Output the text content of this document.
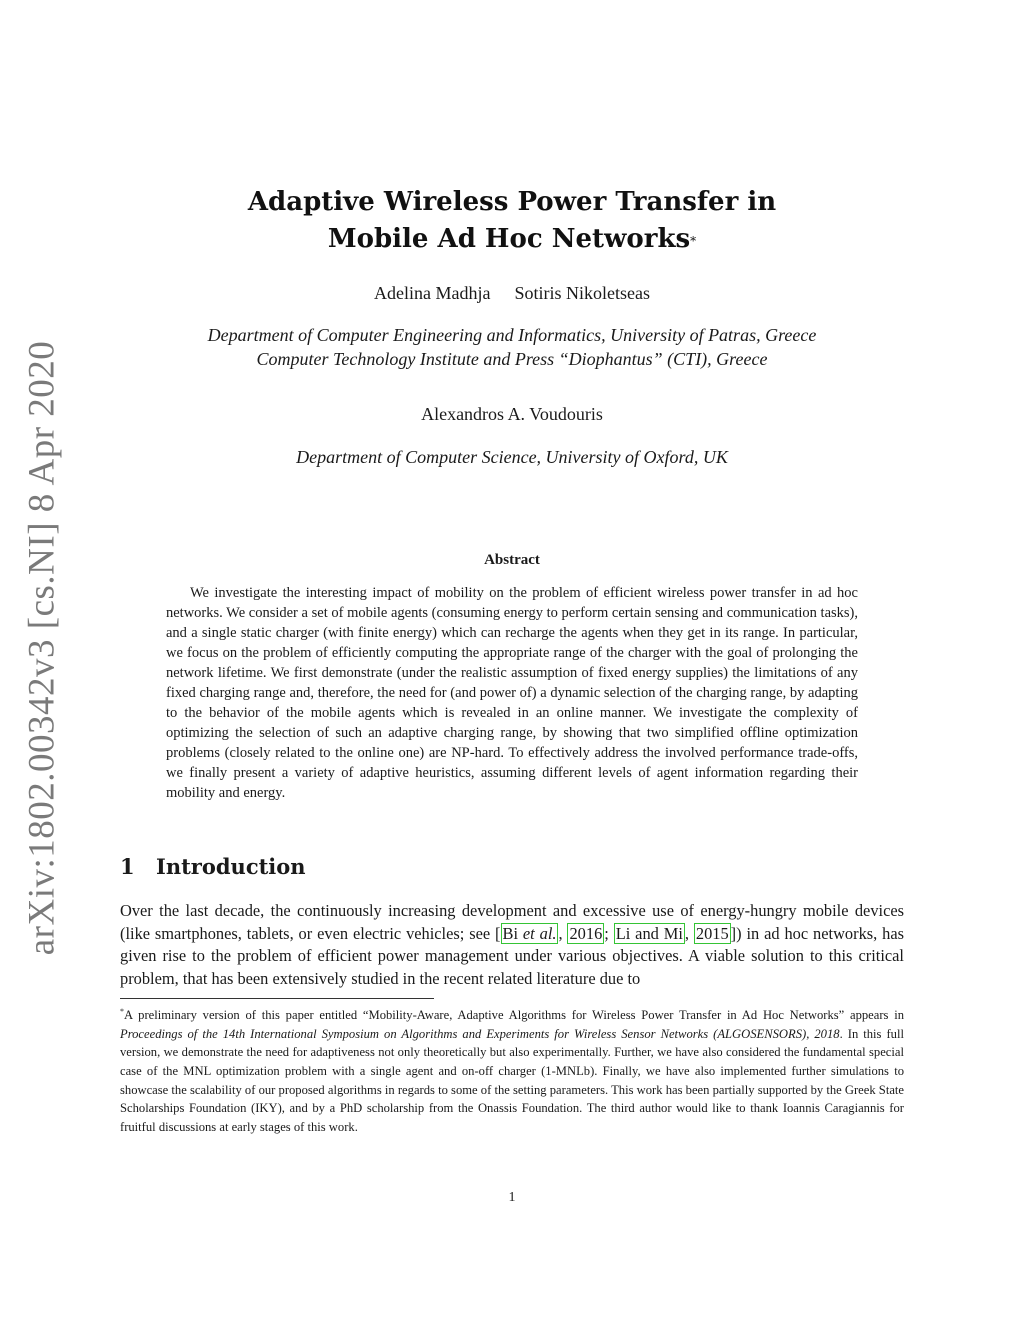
arXiv:1802.00342v3 [cs.NI] 8 Apr 2020
Adaptive Wireless Power Transfer in
Mobile Ad Hoc Networks*
Adelina Madhja Sotiris Nikoletseas
Department of Computer Engineering and Informatics, University of Patras, Greece
Computer Technology Institute and Press “Diophantus” (CTI), Greece
Alexandros A. Voudouris
Department of Computer Science, University of Oxford, UK
Abstract

We investigate the interesting impact of mobility on the problem of efficient wireless power transfer in ad hoc networks. We consider a set of mobile agents (consuming energy to perform certain sensing and communication tasks), and a single static charger (with finite energy) which can recharge the agents when they get in its range. In particular, we focus on the problem of efficiently computing the appropriate range of the charger with the goal of prolonging the network lifetime. We first demonstrate (under the realistic assumption of fixed energy supplies) the limitations of any fixed charging range and, therefore, the need for (and power of) a dynamic selection of the charging range, by adapting to the behavior of the mobile agents which is revealed in an online manner. We investigate the complexity of optimizing the selection of such an adaptive charging range, by showing that two simplified offline optimization problems (closely related to the online one) are NP-hard. To effectively address the involved performance trade-offs, we finally present a variety of adaptive heuristics, assuming different levels of agent information regarding their mobility and energy.

1 Introduction

Over the last decade, the continuously increasing development and excessive use of energy-hungry mobile devices (like smartphones, tablets, or even electric vehicles; see [ Bi et al. , 2016 ; Li and Mi , 2015 ]) in ad hoc networks, has given rise to the problem of efficient power management under various objectives. A viable solution to this critical problem, that has been extensively studied in the recent related literature due to

*A preliminary version of this paper entitled “Mobility-Aware, Adaptive Algorithms for Wireless Power Transfer in Ad Hoc Networks” appears in Proceedings of the 14th International Symposium on Algorithms and Experiments for Wireless Sensor Networks (ALGOSENSORS), 2018. In this full version, we demonstrate the need for adaptiveness not only theoretically but also experimentally. Further, we have also considered the fundamental special case of the MNL optimization problem with a single agent and on-off charger (1-MNLb). Finally, we have also implemented further simulations to showcase the scalability of our proposed algorithms in regards to some of the setting parameters. This work has been partially supported by the Greek State Scholarships Foundation (IKY), and by a PhD scholarship from the Onassis Foundation. The third author would like to thank Ioannis Caragiannis for fruitful discussions at early stages of this work.

1
